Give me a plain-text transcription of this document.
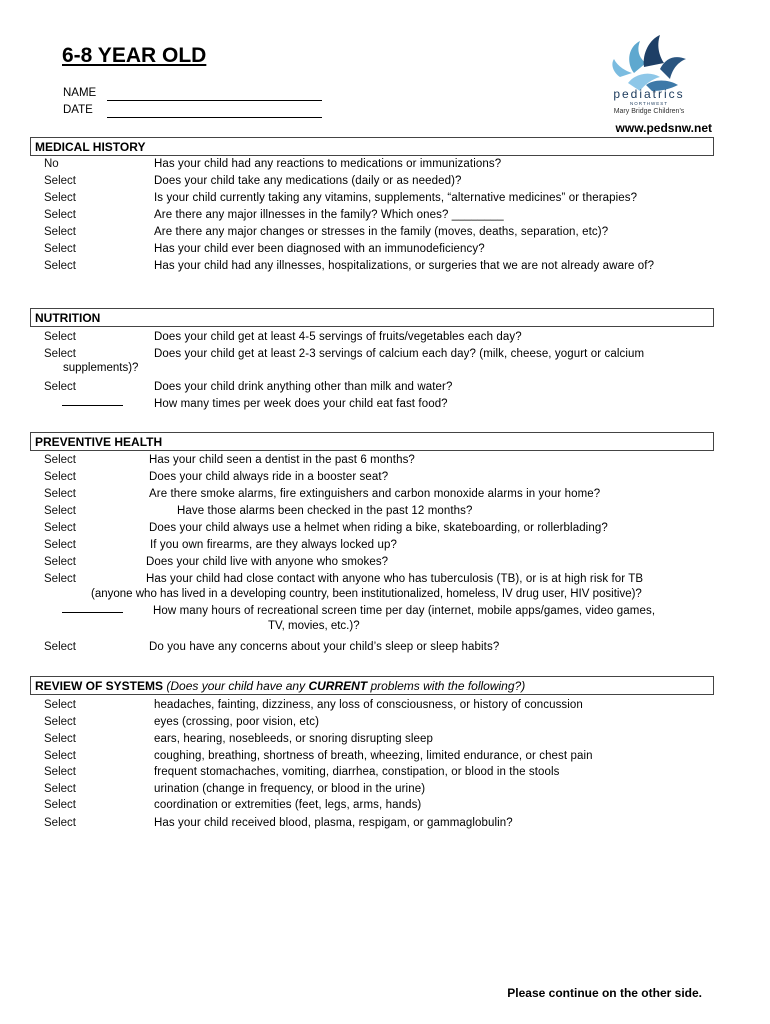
6-8 YEAR OLD
NAME
DATE
pediatrics
NORTHWEST
Mary Bridge Children's
www.pedsnw.net
MEDICAL HISTORY
No	Has your child had any reactions to medications or immunizations?
Select	Does your child take any medications (daily or as needed)?
Select	Is your child currently taking any vitamins, supplements, “alternative medicines” or therapies?
Select	Are there any major illnesses in the family? Which ones? ________
Select	Are there any major changes or stresses in the family (moves, deaths, separation, etc)?
Select	Has your child ever been diagnosed with an immunodeficiency?
Select	Has your child had any illnesses, hospitalizations, or surgeries that we are not already aware of?
NUTRITION
Select	Does your child get at least 4-5 servings of fruits/vegetables each day?
Select	Does your child get at least 2-3 servings of calcium each day? (milk, cheese, yogurt or calcium
supplements)?
Select	Does your child drink anything other than milk and water?
How many times per week does your child eat fast food?
PREVENTIVE HEALTH
Select	Has your child seen a dentist in the past 6 months?
Select	Does your child always ride in a booster seat?
Select	Are there smoke alarms, fire extinguishers and carbon monoxide alarms in your home?
Select	Have those alarms been checked in the past 12 months?
Select	Does your child always use a helmet when riding a bike, skateboarding, or rollerblading?
Select	If you own firearms, are they always locked up?
Select	Does your child live with anyone who smokes?
Select	Has your child had close contact with anyone who has tuberculosis (TB), or is at high risk for TB
(anyone who has lived in a developing country, been institutionalized, homeless, IV drug user, HIV positive)?
How many hours of recreational screen time per day (internet, mobile apps/games, video games,
TV, movies, etc.)?
Select	Do you have any concerns about your child’s sleep or sleep habits?
REVIEW OF SYSTEMS (Does your child have any CURRENT problems with the following?)
Select	headaches, fainting, dizziness, any loss of consciousness, or history of concussion
Select	eyes (crossing, poor vision, etc)
Select	ears, hearing, nosebleeds, or snoring disrupting sleep
Select	coughing, breathing, shortness of breath, wheezing, limited endurance, or chest pain
Select	frequent stomachaches, vomiting, diarrhea, constipation, or blood in the stools
Select	urination (change in frequency, or blood in the urine)
Select	coordination or extremities (feet, legs, arms, hands)
Select	Has your child received blood, plasma, respigam, or gammaglobulin?
Please continue on the other side.
